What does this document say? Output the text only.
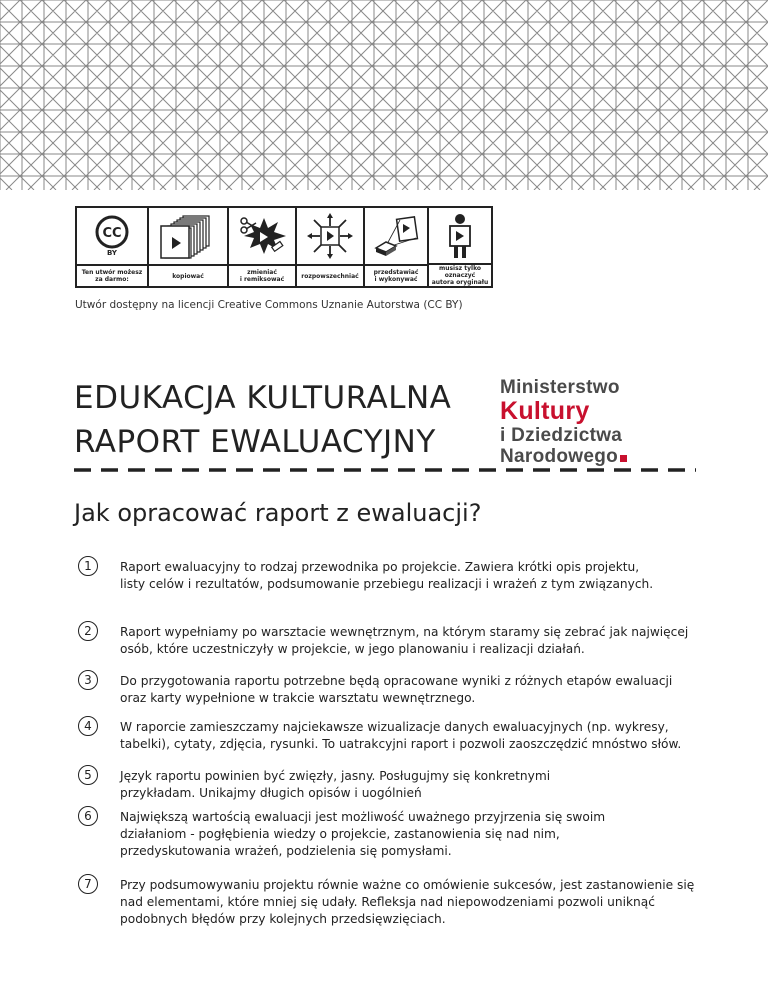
CC
BY
Ten utwór możesz
za darmo:	kopiować	zmieniać
i remiksować	rozpowszechniać	przedstawiać
i wykonywać
musisz tylko oznaczyć
autora oryginału
Utwór dostępny na licencji Creative Commons Uznanie Autorstwa (CC BY)
EDUKACJA KULTURALNA
RAPORT EWALUACYJNY
Ministerstwo
Kultury
i Dziedzictwa
Narodowego
Jak opracować raport z ewaluacji?
1	Raport ewaluacyjny to rodzaj przewodnika po projekcie. Zawiera krótki opis projektu,
listy celów i rezultatów, podsumowanie przebiegu realizacji i wrażeń z tym związanych.
2	Raport wypełniamy po warsztacie wewnętrznym, na którym staramy się zebrać jak najwięcej
osób, które uczestniczyły w projekcie, w jego planowaniu i realizacji działań.
3	Do przygotowania raportu potrzebne będą opracowane wyniki z różnych etapów ewaluacji
oraz karty wypełnione w trakcie warsztatu wewnętrznego.
4	W raporcie zamieszczamy najciekawsze wizualizacje danych ewaluacyjnych (np. wykresy,
tabelki), cytaty, zdjęcia, rysunki. To uatrakcyjni raport i pozwoli zaoszczędzić mnóstwo słów.
5	Język raportu powinien być zwięzły, jasny. Posługujmy się konkretnymi
przykładam. Unikajmy długich opisów i uogólnień
6	Największą wartością ewaluacji jest możliwość uważnego przyjrzenia się swoim
działaniom - pogłębienia wiedzy o projekcie, zastanowienia się nad nim,
przedyskutowania wrażeń, podzielenia się pomysłami.
7	Przy podsumowywaniu projektu równie ważne co omówienie sukcesów, jest zastanowienie się
nad elementami, które mniej się udały. Refleksja nad niepowodzeniami pozwoli uniknąć
podobnych błędów przy kolejnych przedsięwzięciach.
